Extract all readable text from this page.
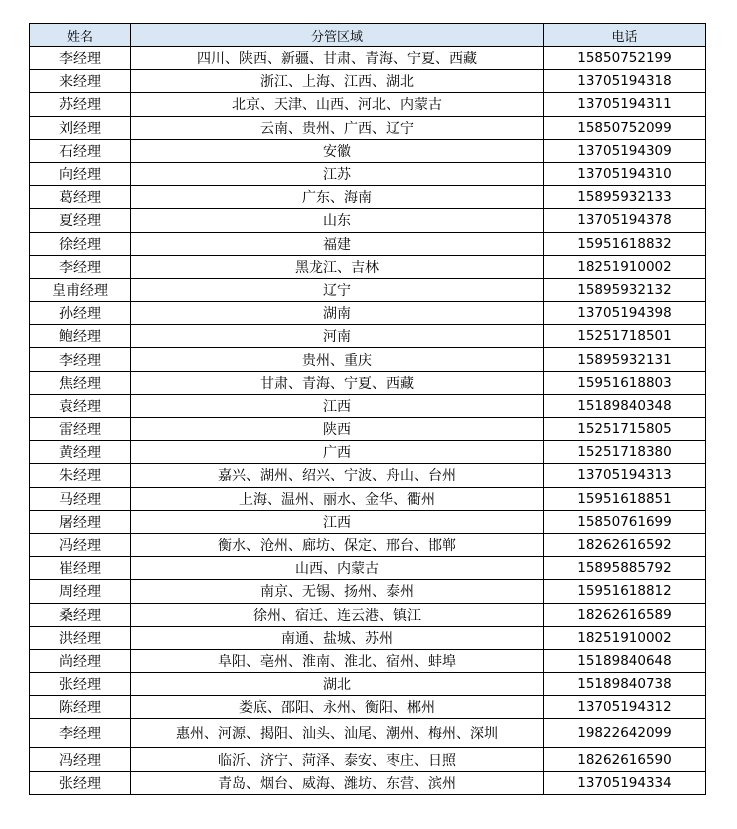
姓名	分管区域	电话
李经理	四川、陕西、新疆、甘肃、青海、宁夏、西藏	15850752199
来经理	浙江、上海、江西、湖北	13705194318
苏经理	北京、天津、山西、河北、内蒙古	13705194311
刘经理	云南、贵州、广西、辽宁	15850752099
石经理	安徽	13705194309
向经理	江苏	13705194310
葛经理	广东、海南	15895932133
夏经理	山东	13705194378
徐经理	福建	15951618832
李经理	黑龙江、吉林	18251910002
皇甫经理	辽宁	15895932132
孙经理	湖南	13705194398
鲍经理	河南	15251718501
李经理	贵州、重庆	15895932131
焦经理	甘肃、青海、宁夏、西藏	15951618803
袁经理	江西	15189840348
雷经理	陕西	15251715805
黄经理	广西	15251718380
朱经理	嘉兴、湖州、绍兴、宁波、舟山、台州	13705194313
马经理	上海、温州、丽水、金华、衢州	15951618851
屠经理	江西	15850761699
冯经理	衡水、沧州、廊坊、保定、邢台、邯郸	18262616592
崔经理	山西、内蒙古	15895885792
周经理	南京、无锡、扬州、泰州	15951618812
桑经理	徐州、宿迁、连云港、镇江	18262616589
洪经理	南通、盐城、苏州	18251910002
尚经理	阜阳、亳州、淮南、淮北、宿州、蚌埠	15189840648
张经理	湖北	15189840738
陈经理	娄底、邵阳、永州、衡阳、郴州	13705194312
李经理	惠州、河源、揭阳、汕头、汕尾、潮州、梅州、深圳	19822642099
冯经理	临沂、济宁、菏泽、泰安、枣庄、日照	18262616590
张经理	青岛、烟台、威海、潍坊、东营、滨州	13705194334
